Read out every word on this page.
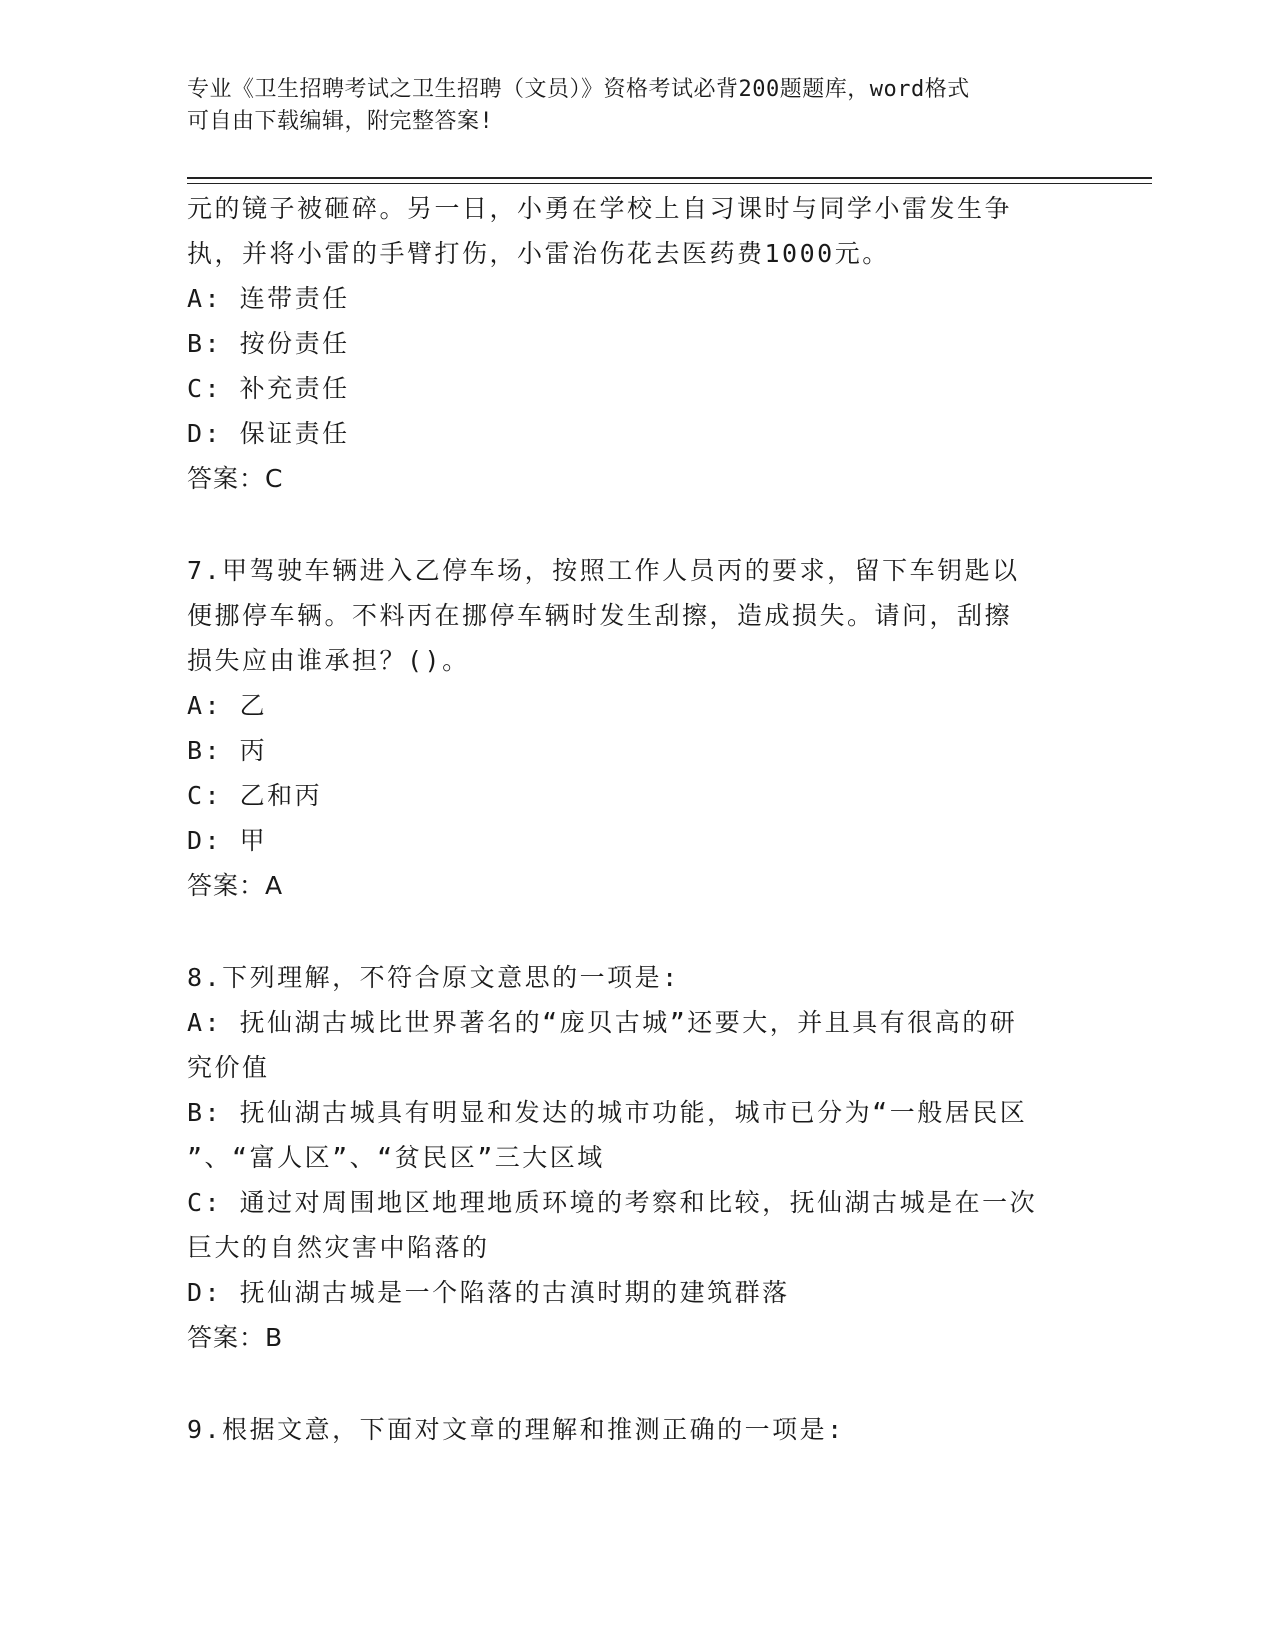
专业《卫生招聘考试之卫生招聘（文员）》资格考试必背200题题库，word格式
可自由下载编辑，附完整答案!
元的镜子被砸碎。另一日，小勇在学校上自习课时与同学小雷发生争
执，并将小雷的手臂打伤，小雷治伤花去医药费1000元。
A: 连带责任
B: 按份责任
C: 补充责任
D: 保证责任
答案：C
7.甲驾驶车辆进入乙停车场，按照工作人员丙的要求，留下车钥匙以
便挪停车辆。不料丙在挪停车辆时发生刮擦，造成损失。请问，刮擦
损失应由谁承担？()。
A: 乙
B: 丙
C: 乙和丙
D: 甲
答案：A
8.下列理解，不符合原文意思的一项是:
A: 抚仙湖古城比世界著名的“庞贝古城”还要大，并且具有很高的研
究价值
B: 抚仙湖古城具有明显和发达的城市功能，城市已分为“一般居民区
”、“富人区”、“贫民区”三大区域
C: 通过对周围地区地理地质环境的考察和比较，抚仙湖古城是在一次
巨大的自然灾害中陷落的
D: 抚仙湖古城是一个陷落的古滇时期的建筑群落
答案：B
9.根据文意，下面对文章的理解和推测正确的一项是:
